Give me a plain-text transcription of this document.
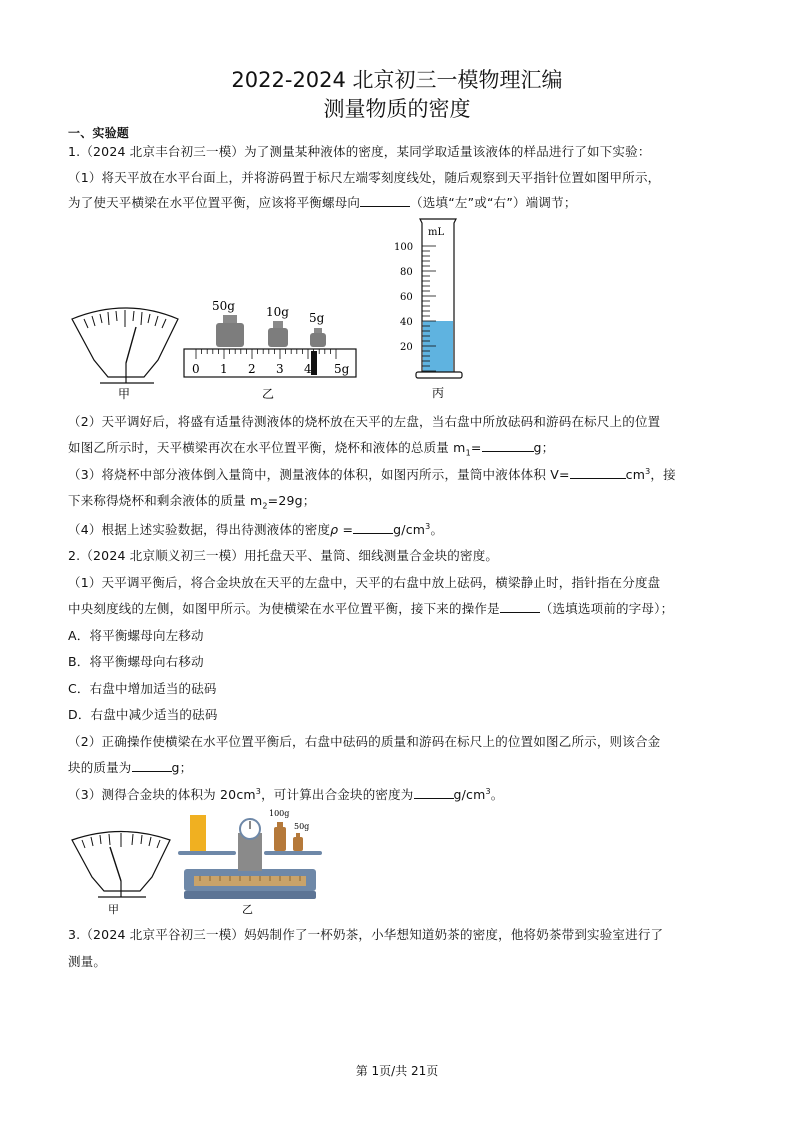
2022-2024 北京初三一模物理汇编
测量物质的密度
一、实验题
1.（2024 北京丰台初三一模）为了测量某种液体的密度，某同学取适量该液体的样品进行了如下实验：
（1）将天平放在水平台面上，并将游码置于标尺左端零刻度线处，随后观察到天平指针位置如图甲所示，
为了使天平横梁在水平位置平衡，应该将平衡螺母向	（选填“左”或“右”）端调节；
甲
50g	10g 5g
0 1 2 3 4 5g
乙
mL
100
80
60
40
20
丙
（2）天平调好后，将盛有适量待测液体的烧杯放在天平的左盘，当右盘中所放砝码和游码在标尺上的位置
如图乙所示时，天平横梁再次在水平位置平衡，烧杯和液体的总质量 $m_1=$	g；
（3）将烧杯中部分液体倒入量筒中，测量液体的体积，如图丙所示，量筒中液体体积 V=	$cm^3$，接
下来称得烧杯和剩余液体的质量 $m_2=29g$；
（4）根据上述实验数据，得出待测液体的密度ρ =	$g/cm^3$。
2.（2024 北京顺义初三一模）用托盘天平、量筒、细线测量合金块的密度。
（1）天平调平衡后，将合金块放在天平的左盘中，天平的右盘中放上砝码，横梁静止时，指针指在分度盘
中央刻度线的左侧，如图甲所示。为使横梁在水平位置平衡，接下来的操作是	（选填选项前的字母）；
A．将平衡螺母向左移动
B．将平衡螺母向右移动
C．右盘中增加适当的砝码
D．右盘中减少适当的砝码
（2）正确操作使横梁在水平位置平衡后，右盘中砝码的质量和游码在标尺上的位置如图乙所示，则该合金
块的质量为	g；
（3）测得合金块的体积为 $20cm^3$，可计算出合金块的密度为	$g/cm^3$。
甲
100g
50g
乙
3.（2024 北京平谷初三一模）妈妈制作了一杯奶茶，小华想知道奶茶的密度，他将奶茶带到实验室进行了
测量。
第 1页/共 21页
